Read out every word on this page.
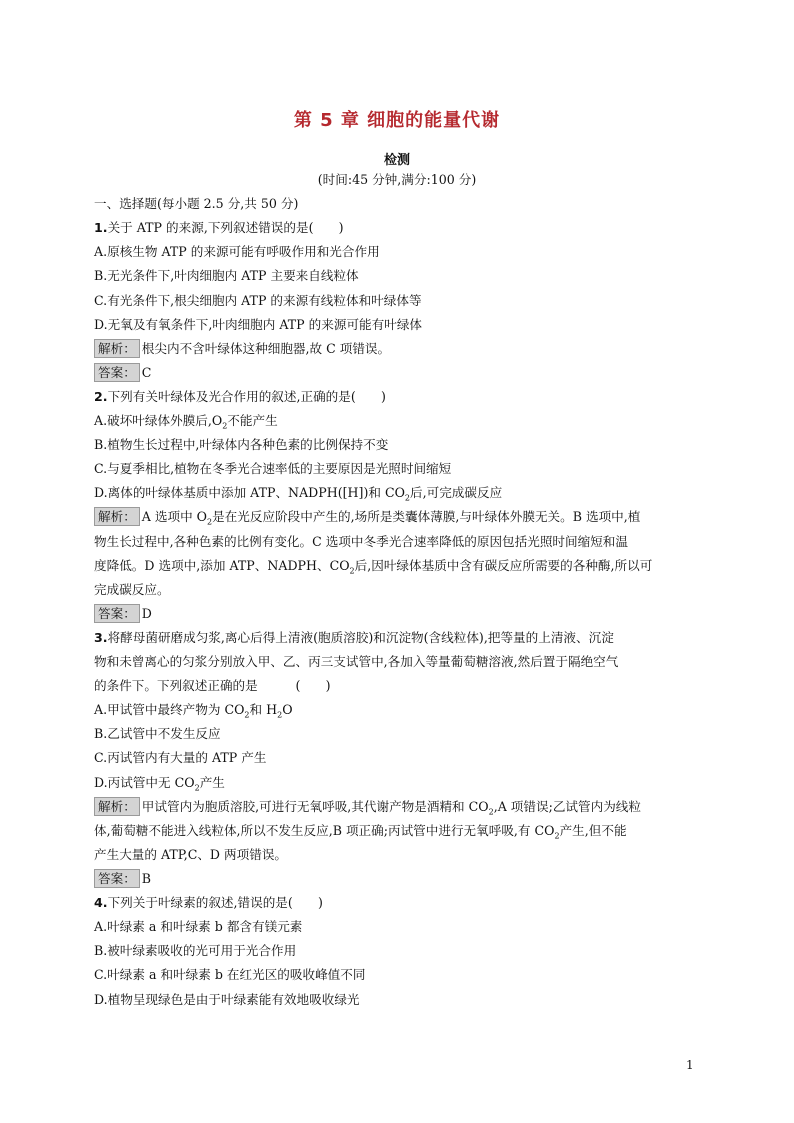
第 5 章 细胞的能量代谢
检测
(时间:45 分钟,满分:100 分)
一、选择题(每小题 2.5 分,共 50 分)
1.关于 ATP 的来源,下列叙述错误的是(　　)
A.原核生物 ATP 的来源可能有呼吸作用和光合作用
B.无光条件下,叶肉细胞内 ATP 主要来自线粒体
C.有光条件下,根尖细胞内 ATP 的来源有线粒体和叶绿体等
D.无氧及有氧条件下,叶肉细胞内 ATP 的来源可能有叶绿体
解析： 根尖内不含叶绿体这种细胞器,故 C 项错误。
答案： C
2.下列有关叶绿体及光合作用的叙述,正确的是(　　)
A.破坏叶绿体外膜后$,O_2$不能产生
B.植物生长过程中,叶绿体内各种色素的比例保持不变
C.与夏季相比,植物在冬季光合速率低的主要原因是光照时间缩短
D.离体的叶绿体基质中添加 ATP、NADPH([H])和 $CO_2$后,可完成碳反应
解析： A 选项中 $O_2$是在光反应阶段中产生的,场所是类囊体薄膜,与叶绿体外膜无关。B 选项中,植
物生长过程中,各种色素的比例有变化。C 选项中冬季光合速率降低的原因包括光照时间缩短和温
度降低。D 选项中,添加 ATP、NADPH、$CO_2$后,因叶绿体基质中含有碳反应所需要的各种酶,所以可
完成碳反应。
答案： D
3.将酵母菌研磨成匀浆,离心后得上清液(胞质溶胶)和沉淀物(含线粒体),把等量的上清液、沉淀
物和未曾离心的匀浆分别放入甲、乙、丙三支试管中,各加入等量葡萄糖溶液,然后置于隔绝空气
的条件下。下列叙述正确的是　　　(　　)
A.甲试管中最终产物为 $CO_2$和 $H_2O$
B.乙试管中不发生反应
C.丙试管内有大量的 ATP 产生
D.丙试管中无 $CO_2$产生
解析： 甲试管内为胞质溶胶,可进行无氧呼吸,其代谢产物是酒精和 $CO_2,A$ 项错误;乙试管内为线粒
体,葡萄糖不能进入线粒体,所以不发生反应,B 项正确;丙试管中进行无氧呼吸,有 $CO_2$产生,但不能
产生大量的 ATP,C、D 两项错误。
答案： B
4.下列关于叶绿素的叙述,错误的是(　　)
A.叶绿素 a 和叶绿素 b 都含有镁元素
B.被叶绿素吸收的光可用于光合作用
C.叶绿素 a 和叶绿素 b 在红光区的吸收峰值不同
D.植物呈现绿色是由于叶绿素能有效地吸收绿光
1
